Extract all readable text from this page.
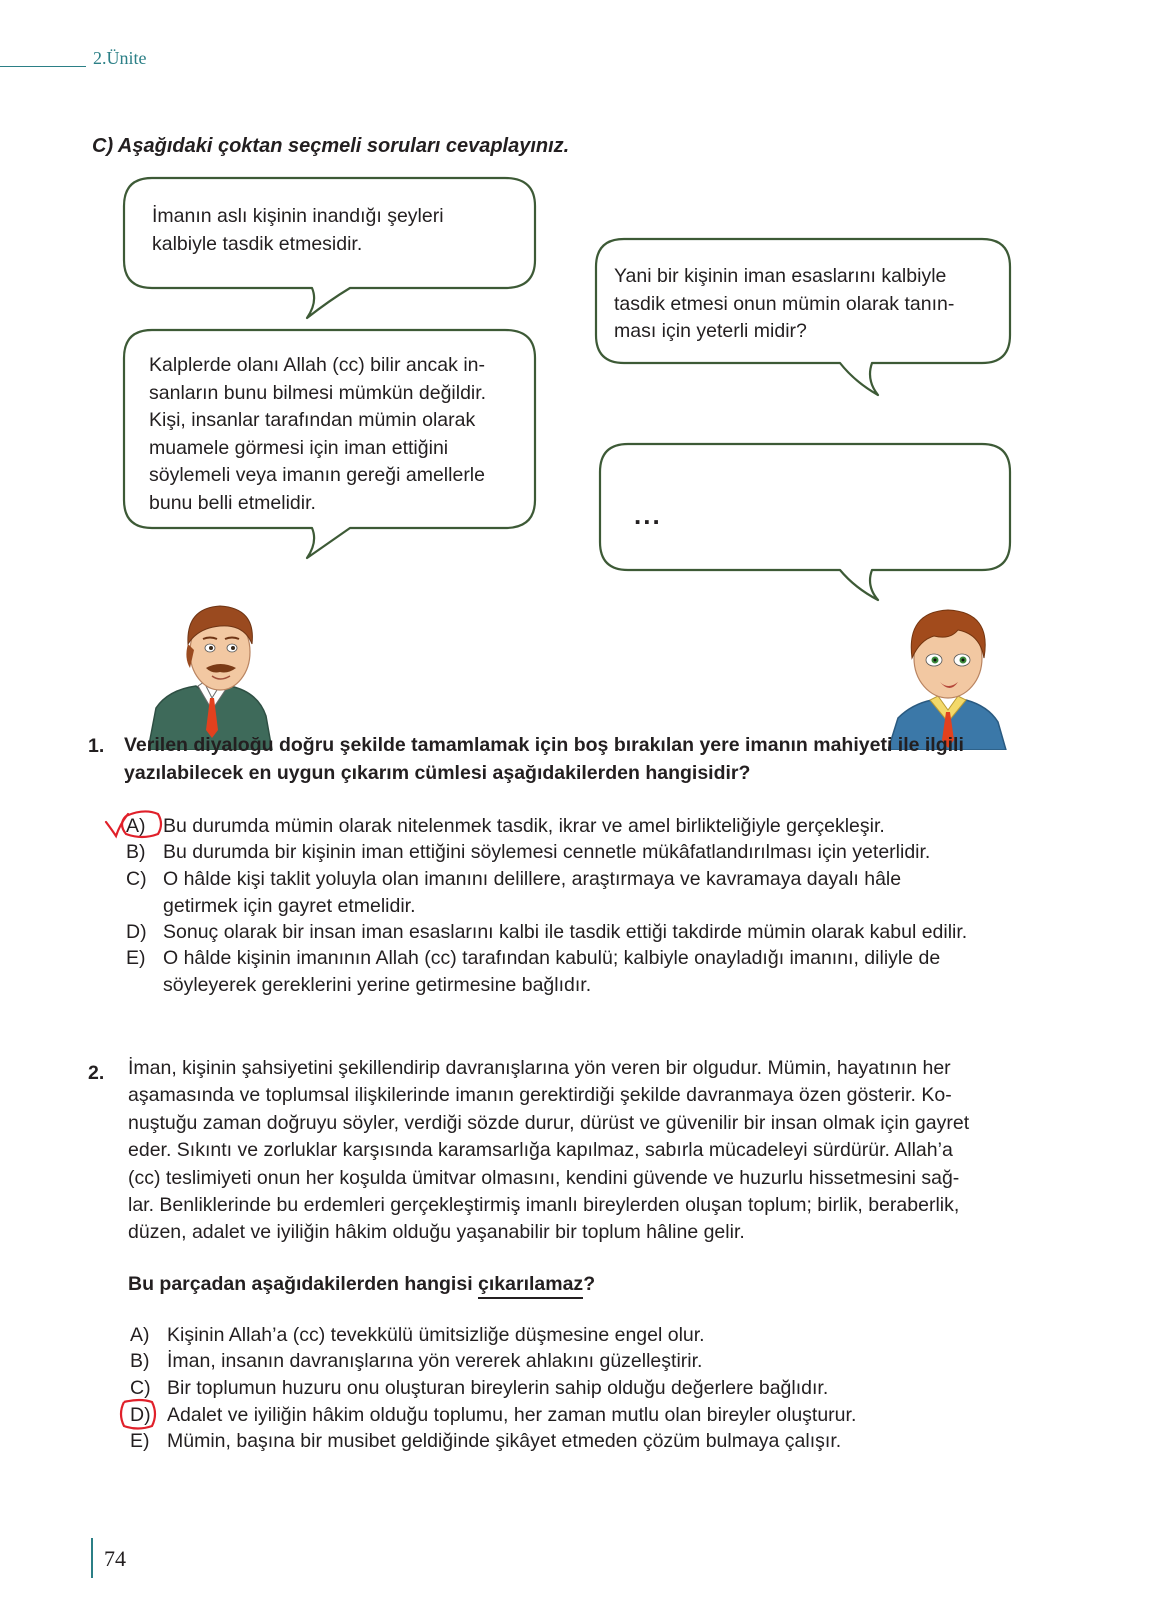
2.Ünite
C) Aşağıdaki çoktan seçmeli soruları cevaplayınız.
İmanın aslı kişinin inandığı şeyleri
kalbiyle tasdik etmesidir.
Yani bir kişinin iman esaslarını kalbiyle
tasdik etmesi onun mümin olarak tanın-
ması için yeterli midir?
Kalplerde olanı Allah (cc) bilir ancak in-
sanların bunu bilmesi mümkün değildir.
Kişi, insanlar tarafından mümin olarak
muamele görmesi için iman ettiğini
söylemeli veya imanın gereği amellerle
bunu belli etmelidir.	...
1. Verilen diyaloğu doğru şekilde tamamlamak için boş bırakılan yere imanın mahiyeti ile ilgili
yazılabilecek en uygun çıkarım cümlesi aşağıdakilerden hangisidir?
A) Bu durumda mümin olarak nitelenmek tasdik, ikrar ve amel birlikteliğiyle gerçekleşir.
B) Bu durumda bir kişinin iman ettiğini söylemesi cennetle mükâfatlandırılması için yeterlidir.
C) O hâlde kişi taklit yoluyla olan imanını delillere, araştırmaya ve kavramaya dayalı hâle
getirmek için gayret etmelidir.
D) Sonuç olarak bir insan iman esaslarını kalbi ile tasdik ettiği takdirde mümin olarak kabul edilir.
E) O hâlde kişinin imanının Allah (cc) tarafından kabulü; kalbiyle onayladığı imanını, diliyle de
söyleyerek gereklerini yerine getirmesine bağlıdır.
2. İman, kişinin şahsiyetini şekillendirip davranışlarına yön veren bir olgudur. Mümin, hayatının her
aşamasında ve toplumsal ilişkilerinde imanın gerektirdiği şekilde davranmaya özen gösterir. Ko-
nuştuğu zaman doğruyu söyler, verdiği sözde durur, dürüst ve güvenilir bir insan olmak için gayret
eder. Sıkıntı ve zorluklar karşısında karamsarlığa kapılmaz, sabırla mücadeleyi sürdürür. Allah’a
(cc) teslimiyeti onun her koşulda ümitvar olmasını, kendini güvende ve huzurlu hissetmesini sağ-
lar. Benliklerinde bu erdemleri gerçekleştirmiş imanlı bireylerden oluşan toplum; birlik, beraberlik,
düzen, adalet ve iyiliğin hâkim olduğu yaşanabilir bir toplum hâline gelir.
Bu parçadan aşağıdakilerden hangisi çıkarılamaz?
A) Kişinin Allah’a (cc) tevekkülü ümitsizliğe düşmesine engel olur.
B) İman, insanın davranışlarına yön vererek ahlakını güzelleştirir.
C) Bir toplumun huzuru onu oluşturan bireylerin sahip olduğu değerlere bağlıdır.
D) Adalet ve iyiliğin hâkim olduğu toplumu, her zaman mutlu olan bireyler oluşturur.
E) Mümin, başına bir musibet geldiğinde şikâyet etmeden çözüm bulmaya çalışır.
74
